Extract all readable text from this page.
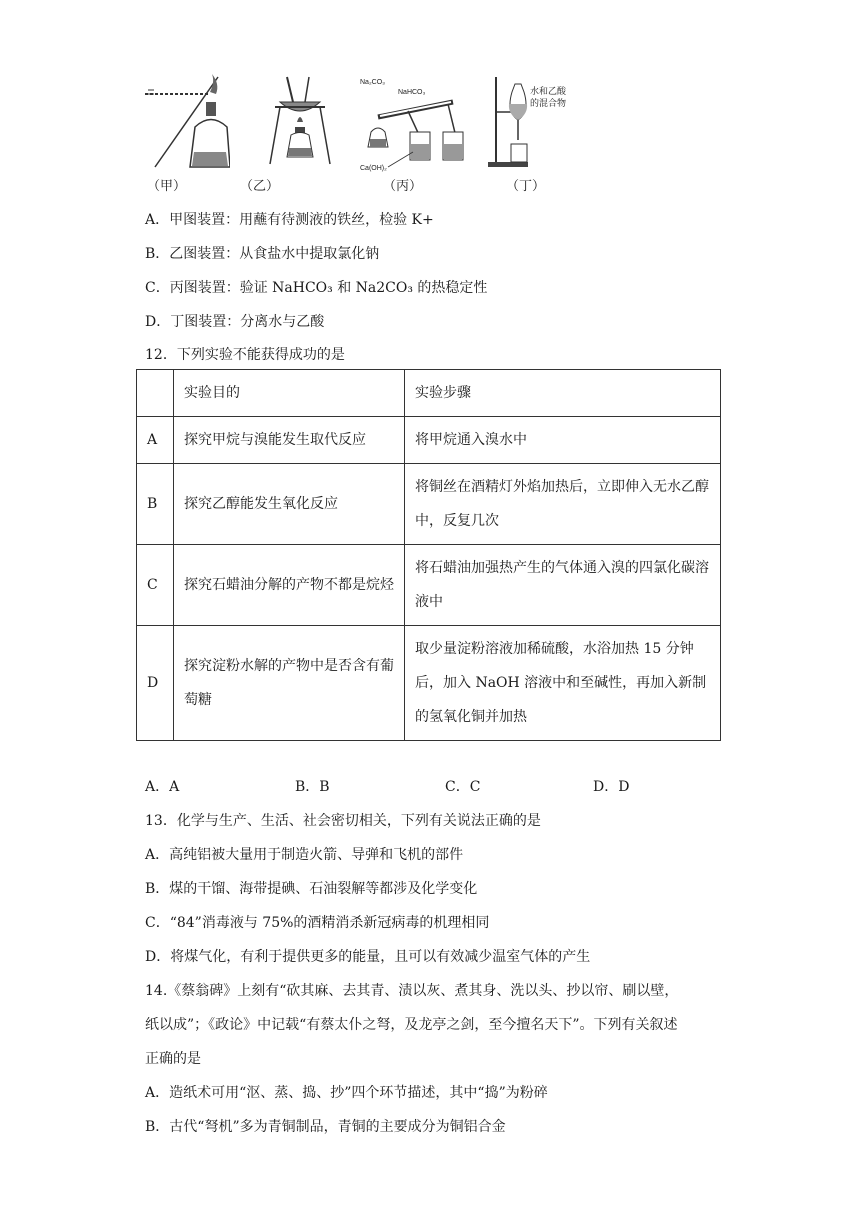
（甲）	（乙）
Na₂CO₃
NaHCO₃
Ca(OH)₂
（丙）
水和乙酸
的混合物
（丁）
A．甲图装置：用蘸有待测液的铁丝，检验 K+
B．乙图装置：从食盐水中提取氯化钠
C．丙图装置：验证 NaHCO₃ 和 Na2CO₃ 的热稳定性
D．丁图装置：分离水与乙酸
12．下列实验不能获得成功的是
	实验目的	实验步骤
A	探究甲烷与溴能发生取代反应	将甲烷通入溴水中
B	探究乙醇能发生氧化反应	将铜丝在酒精灯外焰加热后，立即伸入无水乙醇中，反复几次
C	探究石蜡油分解的产物不都是烷烃	将石蜡油加强热产生的气体通入溴的四氯化碳溶液中
D	探究淀粉水解的产物中是否含有葡萄糖	取少量淀粉溶液加稀硫酸，水浴加热 15 分钟后，加入 NaOH 溶液中和至碱性，再加入新制的氢氧化铜并加热
A．A	B．B	C．C	D．D
13．化学与生产、生活、社会密切相关，下列有关说法正确的是
A．高纯铝被大量用于制造火箭、导弹和飞机的部件
B．煤的干馏、海带提碘、石油裂解等都涉及化学变化
C．“84”消毒液与 75%的酒精消杀新冠病毒的机理相同
D．将煤气化，有利于提供更多的能量，且可以有效减少温室气体的产生
14.《蔡翁碑》上刻有“砍其麻、去其青、渍以灰、煮其身、洗以头、抄以帘、刷以壁，
纸以成”；《政论》中记载“有蔡太仆之弩，及龙亭之剑，至今擅名天下”。下列有关叙述
正确的是
A．造纸术可用“沤、蒸、捣、抄”四个环节描述，其中“捣”为粉碎
B．古代“弩机”多为青铜制品，青铜的主要成分为铜铝合金
